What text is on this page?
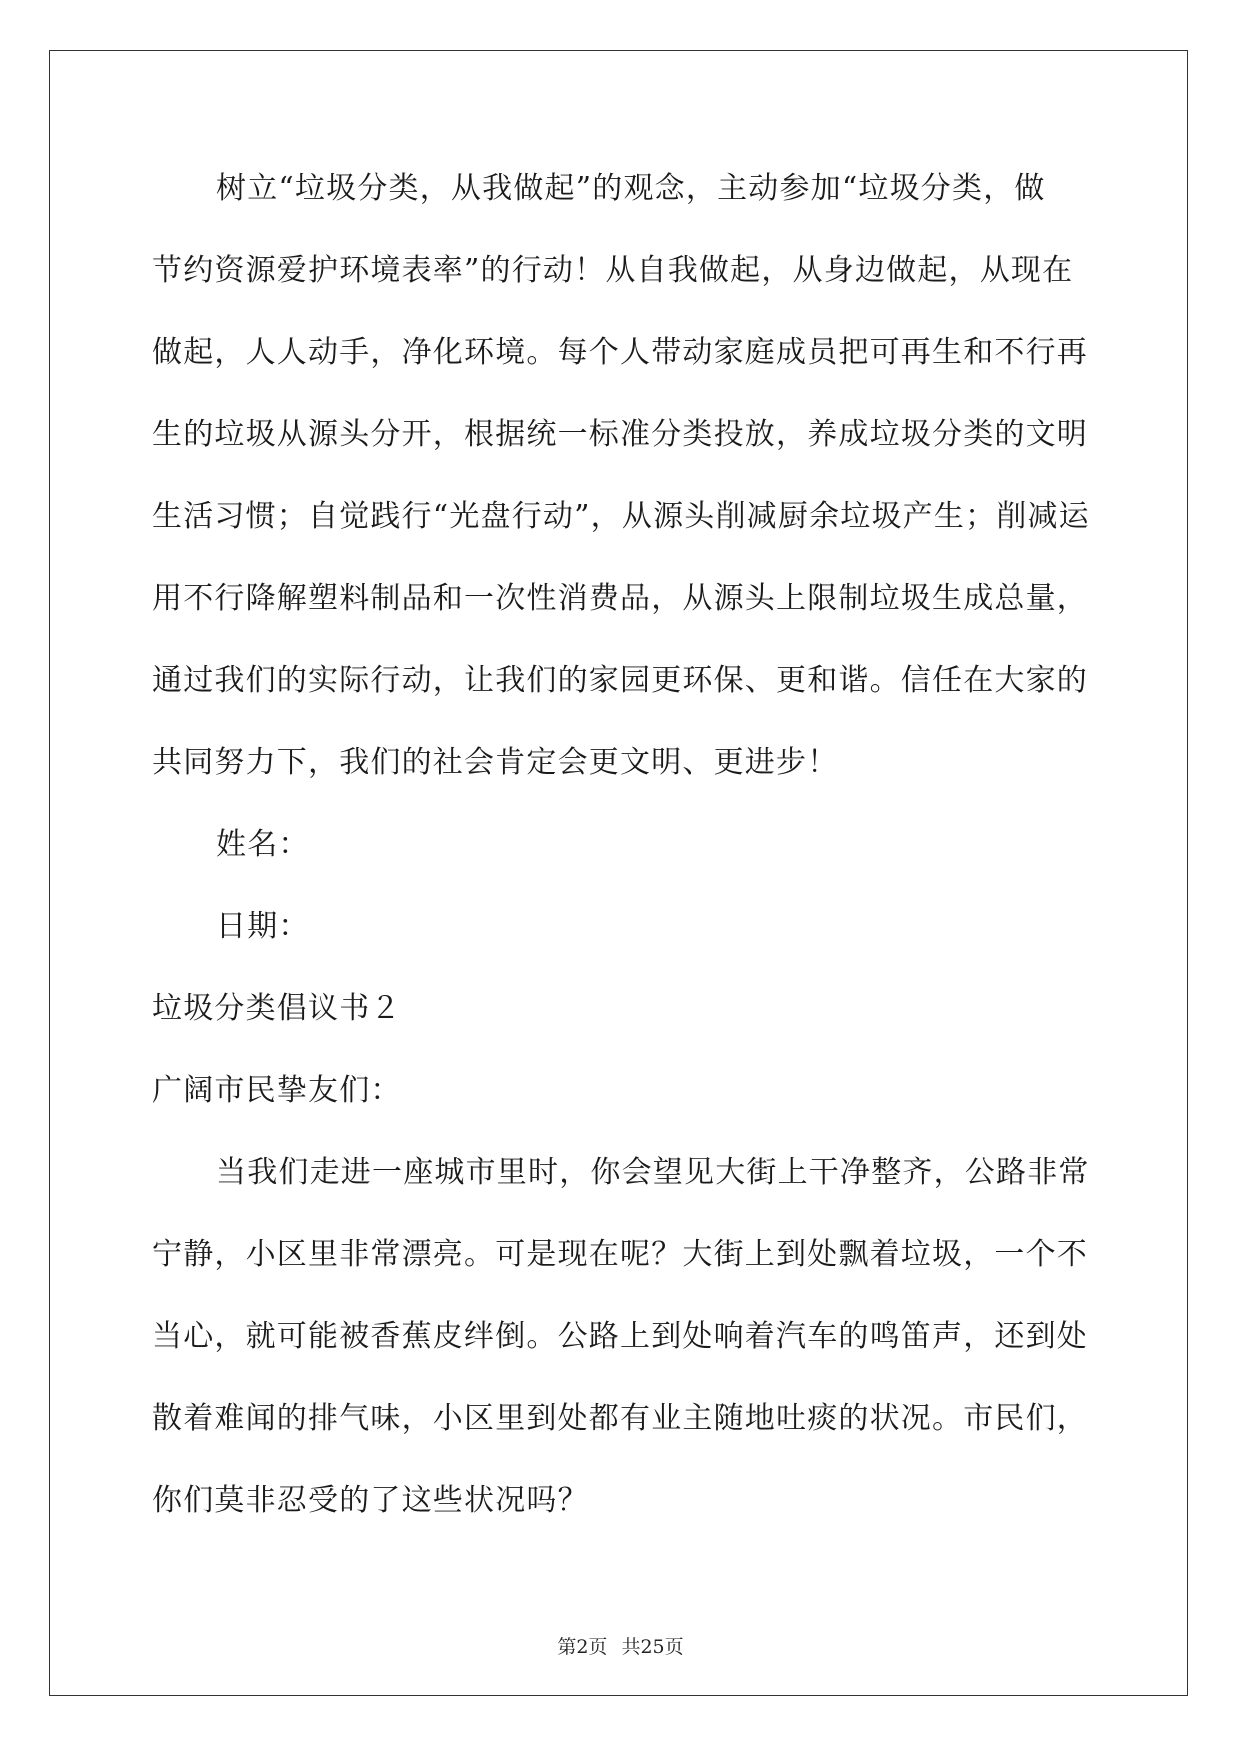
树立“垃圾分类，从我做起”的观念，主动参加“垃圾分类，做
节约资源爱护环境表率”的行动！从自我做起，从身边做起，从现在
做起，人人动手，净化环境。每个人带动家庭成员把可再生和不行再
生的垃圾从源头分开，根据统一标准分类投放，养成垃圾分类的文明
生活习惯；自觉践行“光盘行动”，从源头削减厨余垃圾产生；削减运
用不行降解塑料制品和一次性消费品，从源头上限制垃圾生成总量，
通过我们的实际行动，让我们的家园更环保、更和谐。信任在大家的
共同努力下，我们的社会肯定会更文明、更进步！
姓名：
日期：
垃圾分类倡议书２
广阔市民挚友们：
当我们走进一座城市里时，你会望见大街上干净整齐，公路非常
宁静，小区里非常漂亮。可是现在呢？大街上到处飘着垃圾，一个不
当心，就可能被香蕉皮绊倒。公路上到处响着汽车的鸣笛声，还到处
散着难闻的排气味，小区里到处都有业主随地吐痰的状况。市民们，
你们莫非忍受的了这些状况吗？
第2页 共25页
